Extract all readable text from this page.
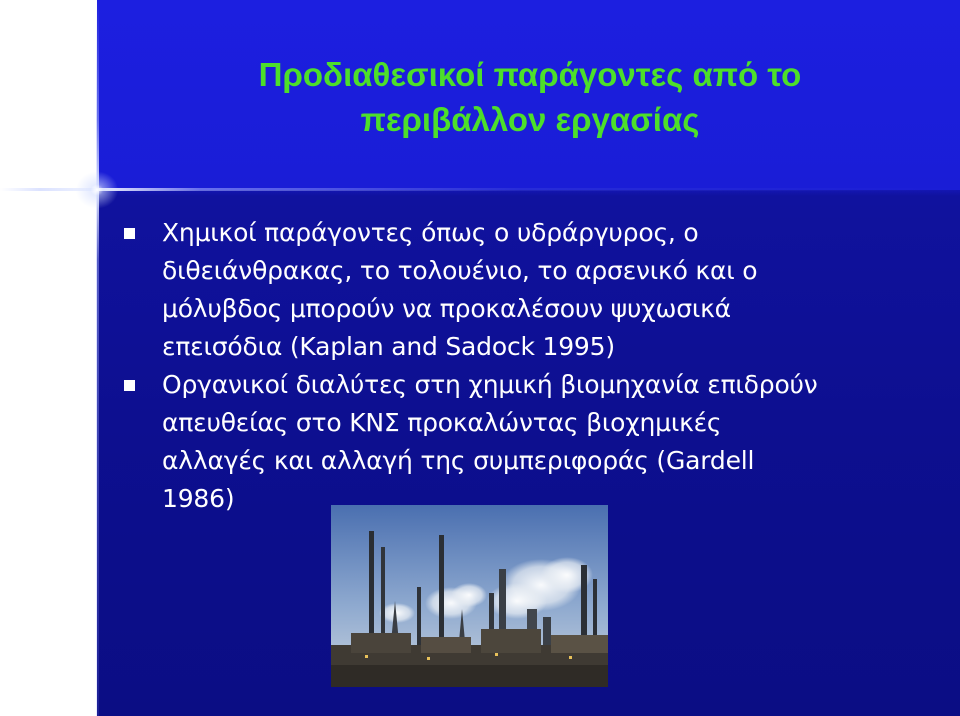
Προδιαθεσικοί παράγοντες από το
περιβάλλον εργασίας
Χημικοί παράγοντες όπως ο υδράργυρος, ο
διθειάνθρακας, το τολουένιο, το αρσενικό και ο
μόλυβδος μπορούν να προκαλέσουν ψυχωσικά
επεισόδια (Kaplan and Sadock 1995)
Οργανικοί διαλύτες στη χημική βιομηχανία επιδρούν
απευθείας στο ΚΝΣ προκαλώντας βιοχημικές
αλλαγές και αλλαγή της συμπεριφοράς (Gardell
1986)
